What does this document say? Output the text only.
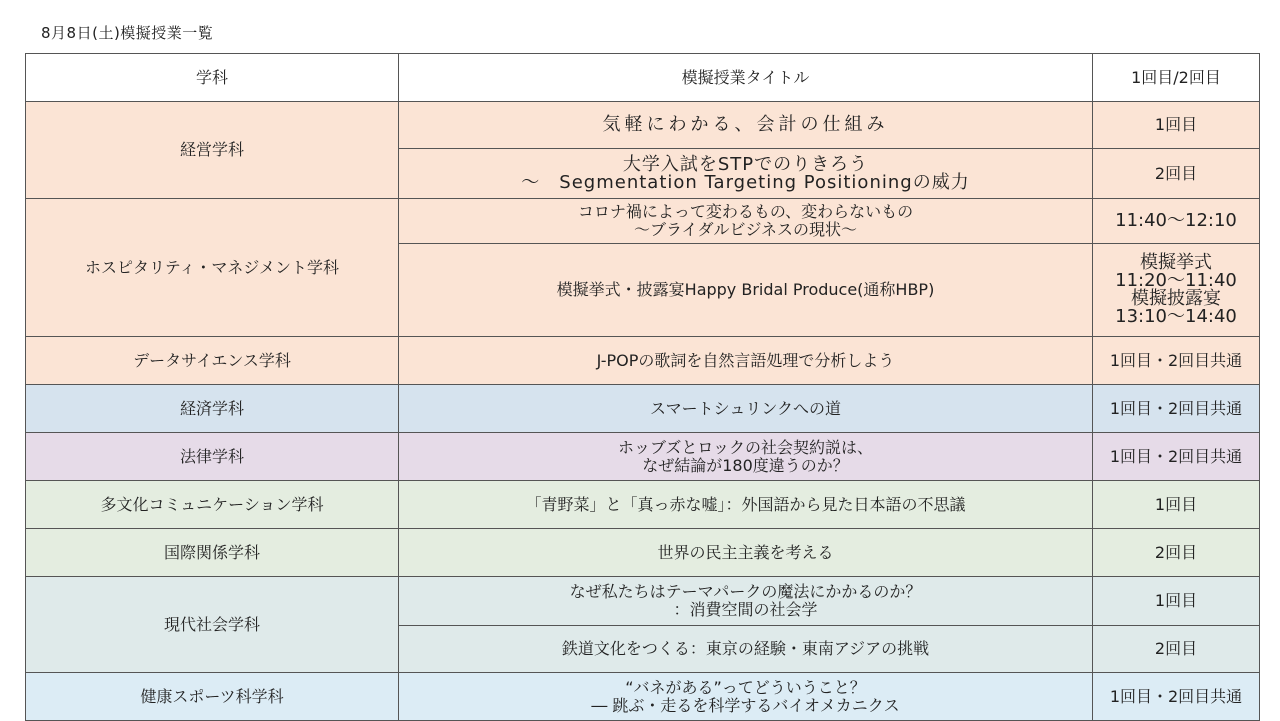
8月8日(土)模擬授業一覧
学科	模擬授業タイトル	1回目/2回目
経営学科	気軽にわかる、会計の仕組み	1回目
	大学入試をSTPでのりきろう
～　Segmentation Targeting Positioningの威力	2回目
ホスピタリティ・マネジメント学科	コロナ禍によって変わるもの、変わらないもの
～ブライダルビジネスの現状～	11:40～12:10
	模擬挙式・披露宴Happy Bridal Produce(通称HBP)	模擬挙式
11:20～11:40
模擬披露宴
13:10～14:40
データサイエンス学科	J-POPの歌詞を自然言語処理で分析しよう	1回目・2回目共通
経済学科	スマートシュリンクへの道	1回目・2回目共通
法律学科	ホッブズとロックの社会契約説は、
なぜ結論が180度違うのか？	1回目・2回目共通
多文化コミュニケーション学科	「青野菜」と「真っ赤な嘘」：外国語から見た日本語の不思議	1回目
国際関係学科	世界の民主主義を考える	2回目
現代社会学科	なぜ私たちはテーマパークの魔法にかかるのか？
：消費空間の社会学	1回目
	鉄道文化をつくる：東京の経験・東南アジアの挑戦	2回目
健康スポーツ科学科	“バネがある”ってどういうこと？
― 跳ぶ・走るを科学するバイオメカニクス	1回目・2回目共通
